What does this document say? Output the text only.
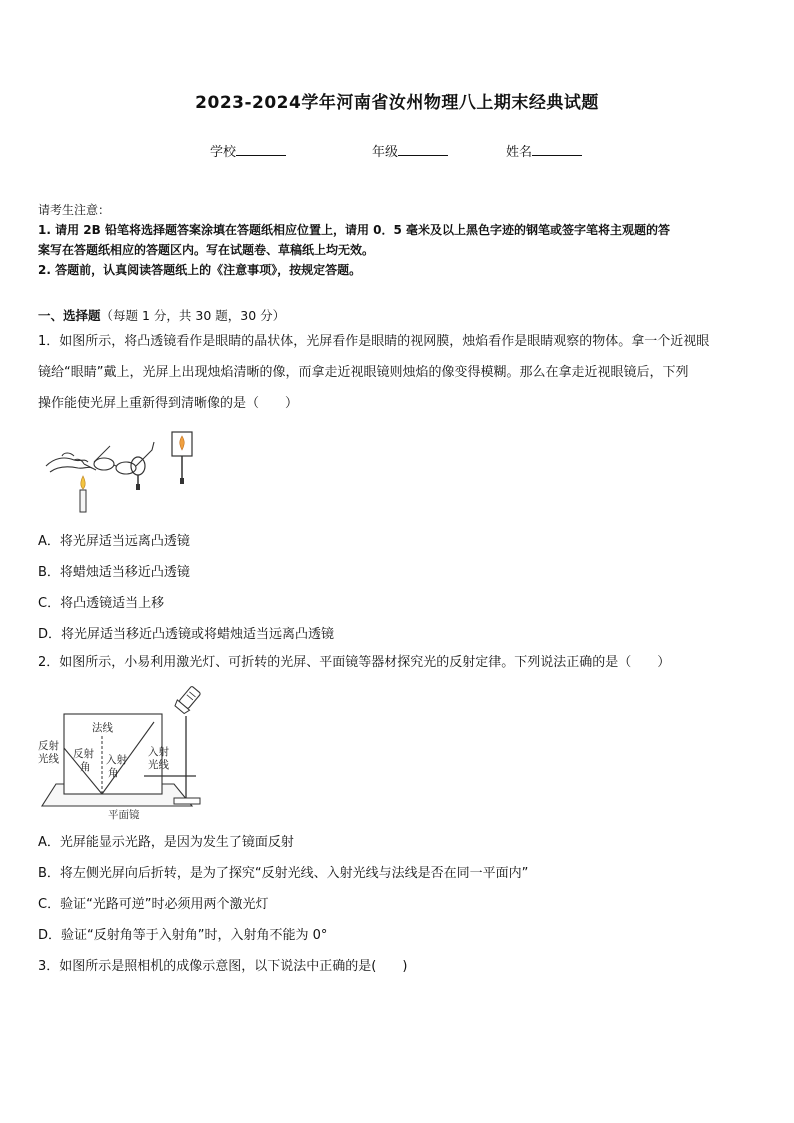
2023-2024学年河南省汝州物理八上期末经典试题
学校	年级	姓名
请考生注意：
1. 请用 2B 铅笔将选择题答案涂填在答题纸相应位置上，请用 0．5 毫米及以上黑色字迹的钢笔或签字笔将主观题的答
案写在答题纸相应的答题区内。写在试题卷、草稿纸上均无效。
2. 答题前，认真阅读答题纸上的《注意事项》，按规定答题。
一、选择题（每题 1 分，共 30 题，30 分）
1．如图所示，将凸透镜看作是眼睛的晶状体，光屏看作是眼睛的视网膜，烛焰看作是眼睛观察的物体。拿一个近视眼
镜给“眼睛”戴上，光屏上出现烛焰清晰的像，而拿走近视眼镜则烛焰的像变得模糊。那么在拿走近视眼镜后，下列
操作能使光屏上重新得到清晰像的是（　　）
A．将光屏适当远离凸透镜
B．将蜡烛适当移近凸透镜
C．将凸透镜适当上移
D．将光屏适当移近凸透镜或将蜡烛适当远离凸透镜
2．如图所示，小易利用激光灯、可折转的光屏、平面镜等器材探究光的反射定律。下列说法正确的是（　　）
法线
反射
光线 反射
角
入射
角
入射
光线
平面镜
A．光屏能显示光路，是因为发生了镜面反射
B．将左侧光屏向后折转，是为了探究“反射光线、入射光线与法线是否在同一平面内”
C．验证“光路可逆”时必须用两个激光灯
D．验证“反射角等于入射角”时，入射角不能为 0°
3．如图所示是照相机的成像示意图，以下说法中正确的是(　　)
